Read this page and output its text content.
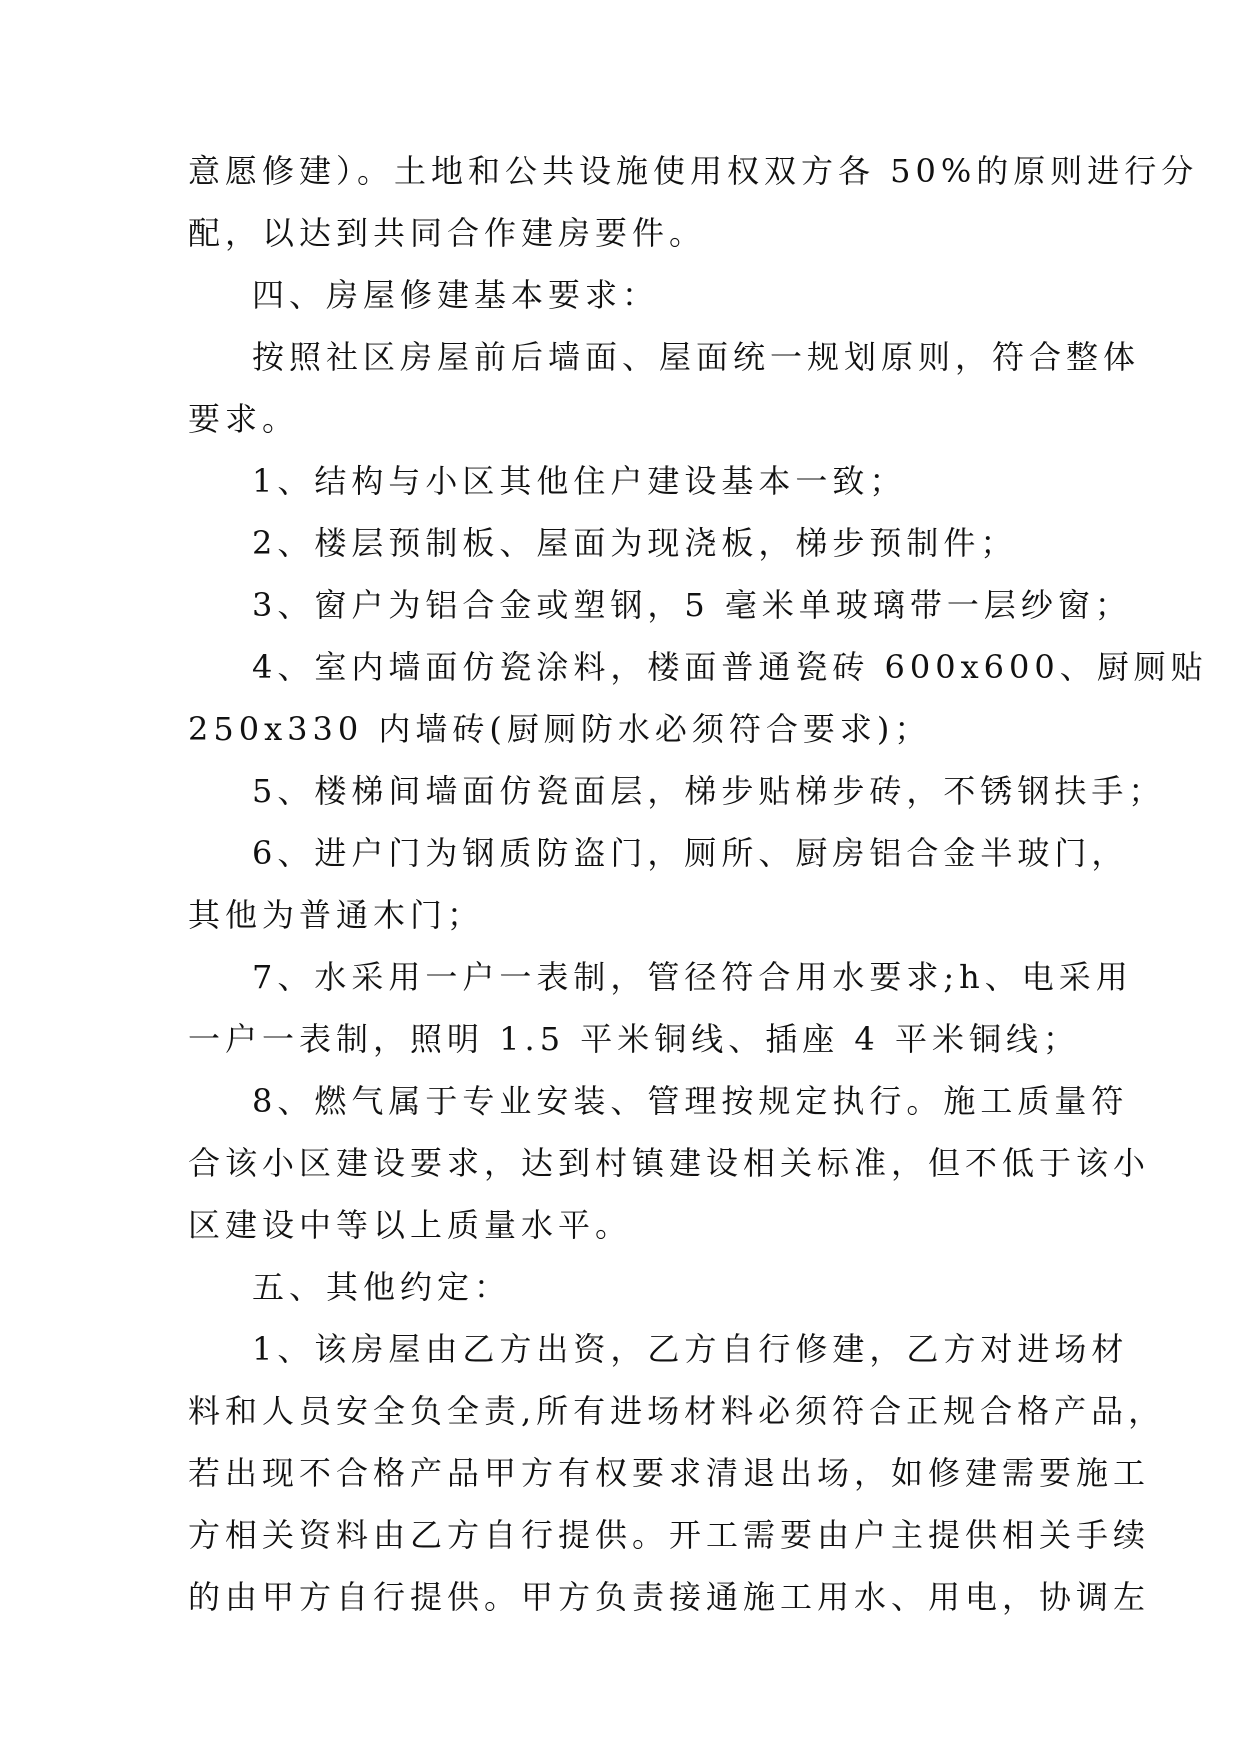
意愿修建）。土地和公共设施使用权双方各 50%的原则进行分
配，以达到共同合作建房要件。
四、房屋修建基本要求：
按照社区房屋前后墙面、屋面统一规划原则，符合整体
要求。
1、结构与小区其他住户建设基本一致；
2、楼层预制板、屋面为现浇板，梯步预制件；
3、窗户为铝合金或塑钢，5 毫米单玻璃带一层纱窗；
4、室内墙面仿瓷涂料，楼面普通瓷砖 600x600、厨厕贴
250x330 内墙砖(厨厕防水必须符合要求)；
5、楼梯间墙面仿瓷面层，梯步贴梯步砖，不锈钢扶手；
6、进户门为钢质防盗门，厕所、厨房铝合金半玻门，
其他为普通木门；
7、水采用一户一表制，管径符合用水要求;h、电采用
一户一表制，照明 1.5 平米铜线、插座 4 平米铜线；
8、燃气属于专业安装、管理按规定执行。施工质量符
合该小区建设要求，达到村镇建设相关标准，但不低于该小
区建设中等以上质量水平。
五、其他约定：
1、该房屋由乙方出资，乙方自行修建，乙方对进场材
料和人员安全负全责,所有进场材料必须符合正规合格产品，
若出现不合格产品甲方有权要求清退出场，如修建需要施工
方相关资料由乙方自行提供。开工需要由户主提供相关手续
的由甲方自行提供。甲方负责接通施工用水、用电，协调左
